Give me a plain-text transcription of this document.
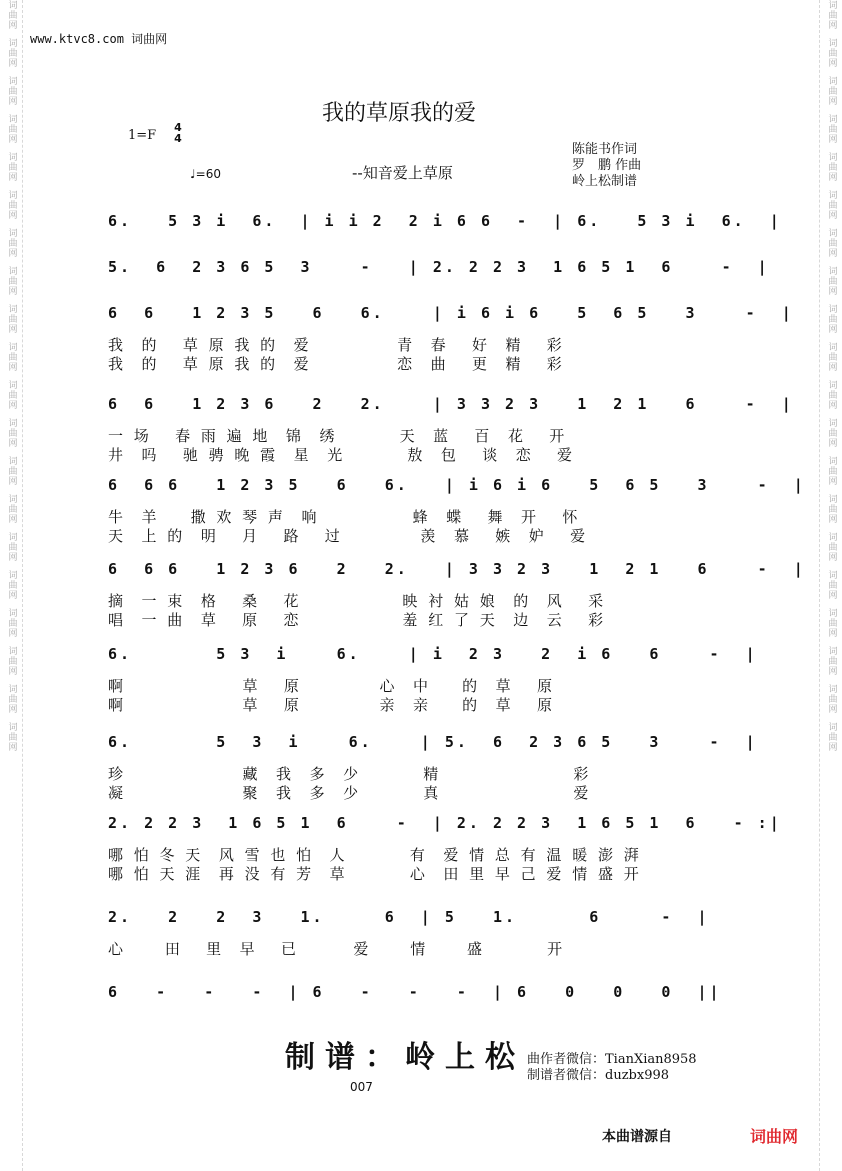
词曲网
词曲网
词曲网
词曲网
词曲网
词曲网
词曲网
词曲网
词曲网
词曲网
词曲网
词曲网
词曲网
词曲网
词曲网
词曲网
词曲网
词曲网
词曲网
词曲网
词曲网
词曲网
词曲网
词曲网
词曲网
词曲网
词曲网
词曲网
词曲网
词曲网
词曲网
词曲网
词曲网
词曲网
词曲网
词曲网
词曲网
词曲网
词曲网
词曲网
www.ktvc8.com 词曲网
我的草原我的爱
1=F
4
4
♩=60	--知音爱上草原
陈能书作词
罗　鹏 作曲
岭上松制谱
6.   5 3 i  6.  | i i 2  2 i 6 6  -  | 6.   5 3 i  6.  |
5.  6  2 3 6 5  3    -   | 2. 2 2 3  1 6 5 1  6    -  |
6  6   1 2 3 5   6   6.    | i 6 i 6   5  6 5   3    -  |
我  的   草 原 我 的  爱           青  春   好  精   彩
我  的   草 原 我 的  爱           恋  曲   更  精   彩
6  6   1 2 3 6   2   2.    | 3 3 2 3   1  2 1   6    -  |
一 场   春 雨 遍 地  锦  绣        天  蓝   百  花   开
井  吗   驰 骋 晚 霞  星  光        敖  包   谈  恋   爱
6  6 6   1 2 3 5   6   6.   | i 6 i 6   5  6 5   3    -  |
牛  羊    撒 欢 琴 声  响            蜂  蝶   舞  开   怀
天  上 的  明   月   路   过          羡  慕   嫉  妒   爱
6  6 6   1 2 3 6   2   2.   | 3 3 2 3   1  2 1   6    -  |
摘  一 束  格   桑   花             映 衬 姑 娘  的  风   采
唱  一 曲  草   原   恋             羞 红 了 天  边  云   彩
6.       5 3  i    6.    | i  2 3   2  i 6   6    -  |
啊               草   原          心  中    的  草   原
啊               草   原          亲  亲    的  草   原
6.       5  3  i    6.    | 5.  6  2 3 6 5   3    -  |
珍               藏  我  多  少        精                 彩
凝               聚  我  多  少        真                 爱
2. 2 2 3  1 6 5 1  6    -  | 2. 2 2 3  1 6 5 1  6   - :|
哪 怕 冬 天  风 雪 也 怕  人        有  爱 情 总 有 温 暖 澎 湃
哪 怕 天 涯  再 没 有 芳  草        心  田 里 早 己 爱 情 盛 开
2.   2   2  3   1.     6  | 5   1.      6     -  |
心     田   里  早   已       爱     情     盛        开
6   -   -   -  | 6   -   -   -  | 6   0   0   0  ||
制谱：岭上松 曲作者微信：TianXian8958
制谱者微信：duzbx998
007
本曲谱源自	词曲网
